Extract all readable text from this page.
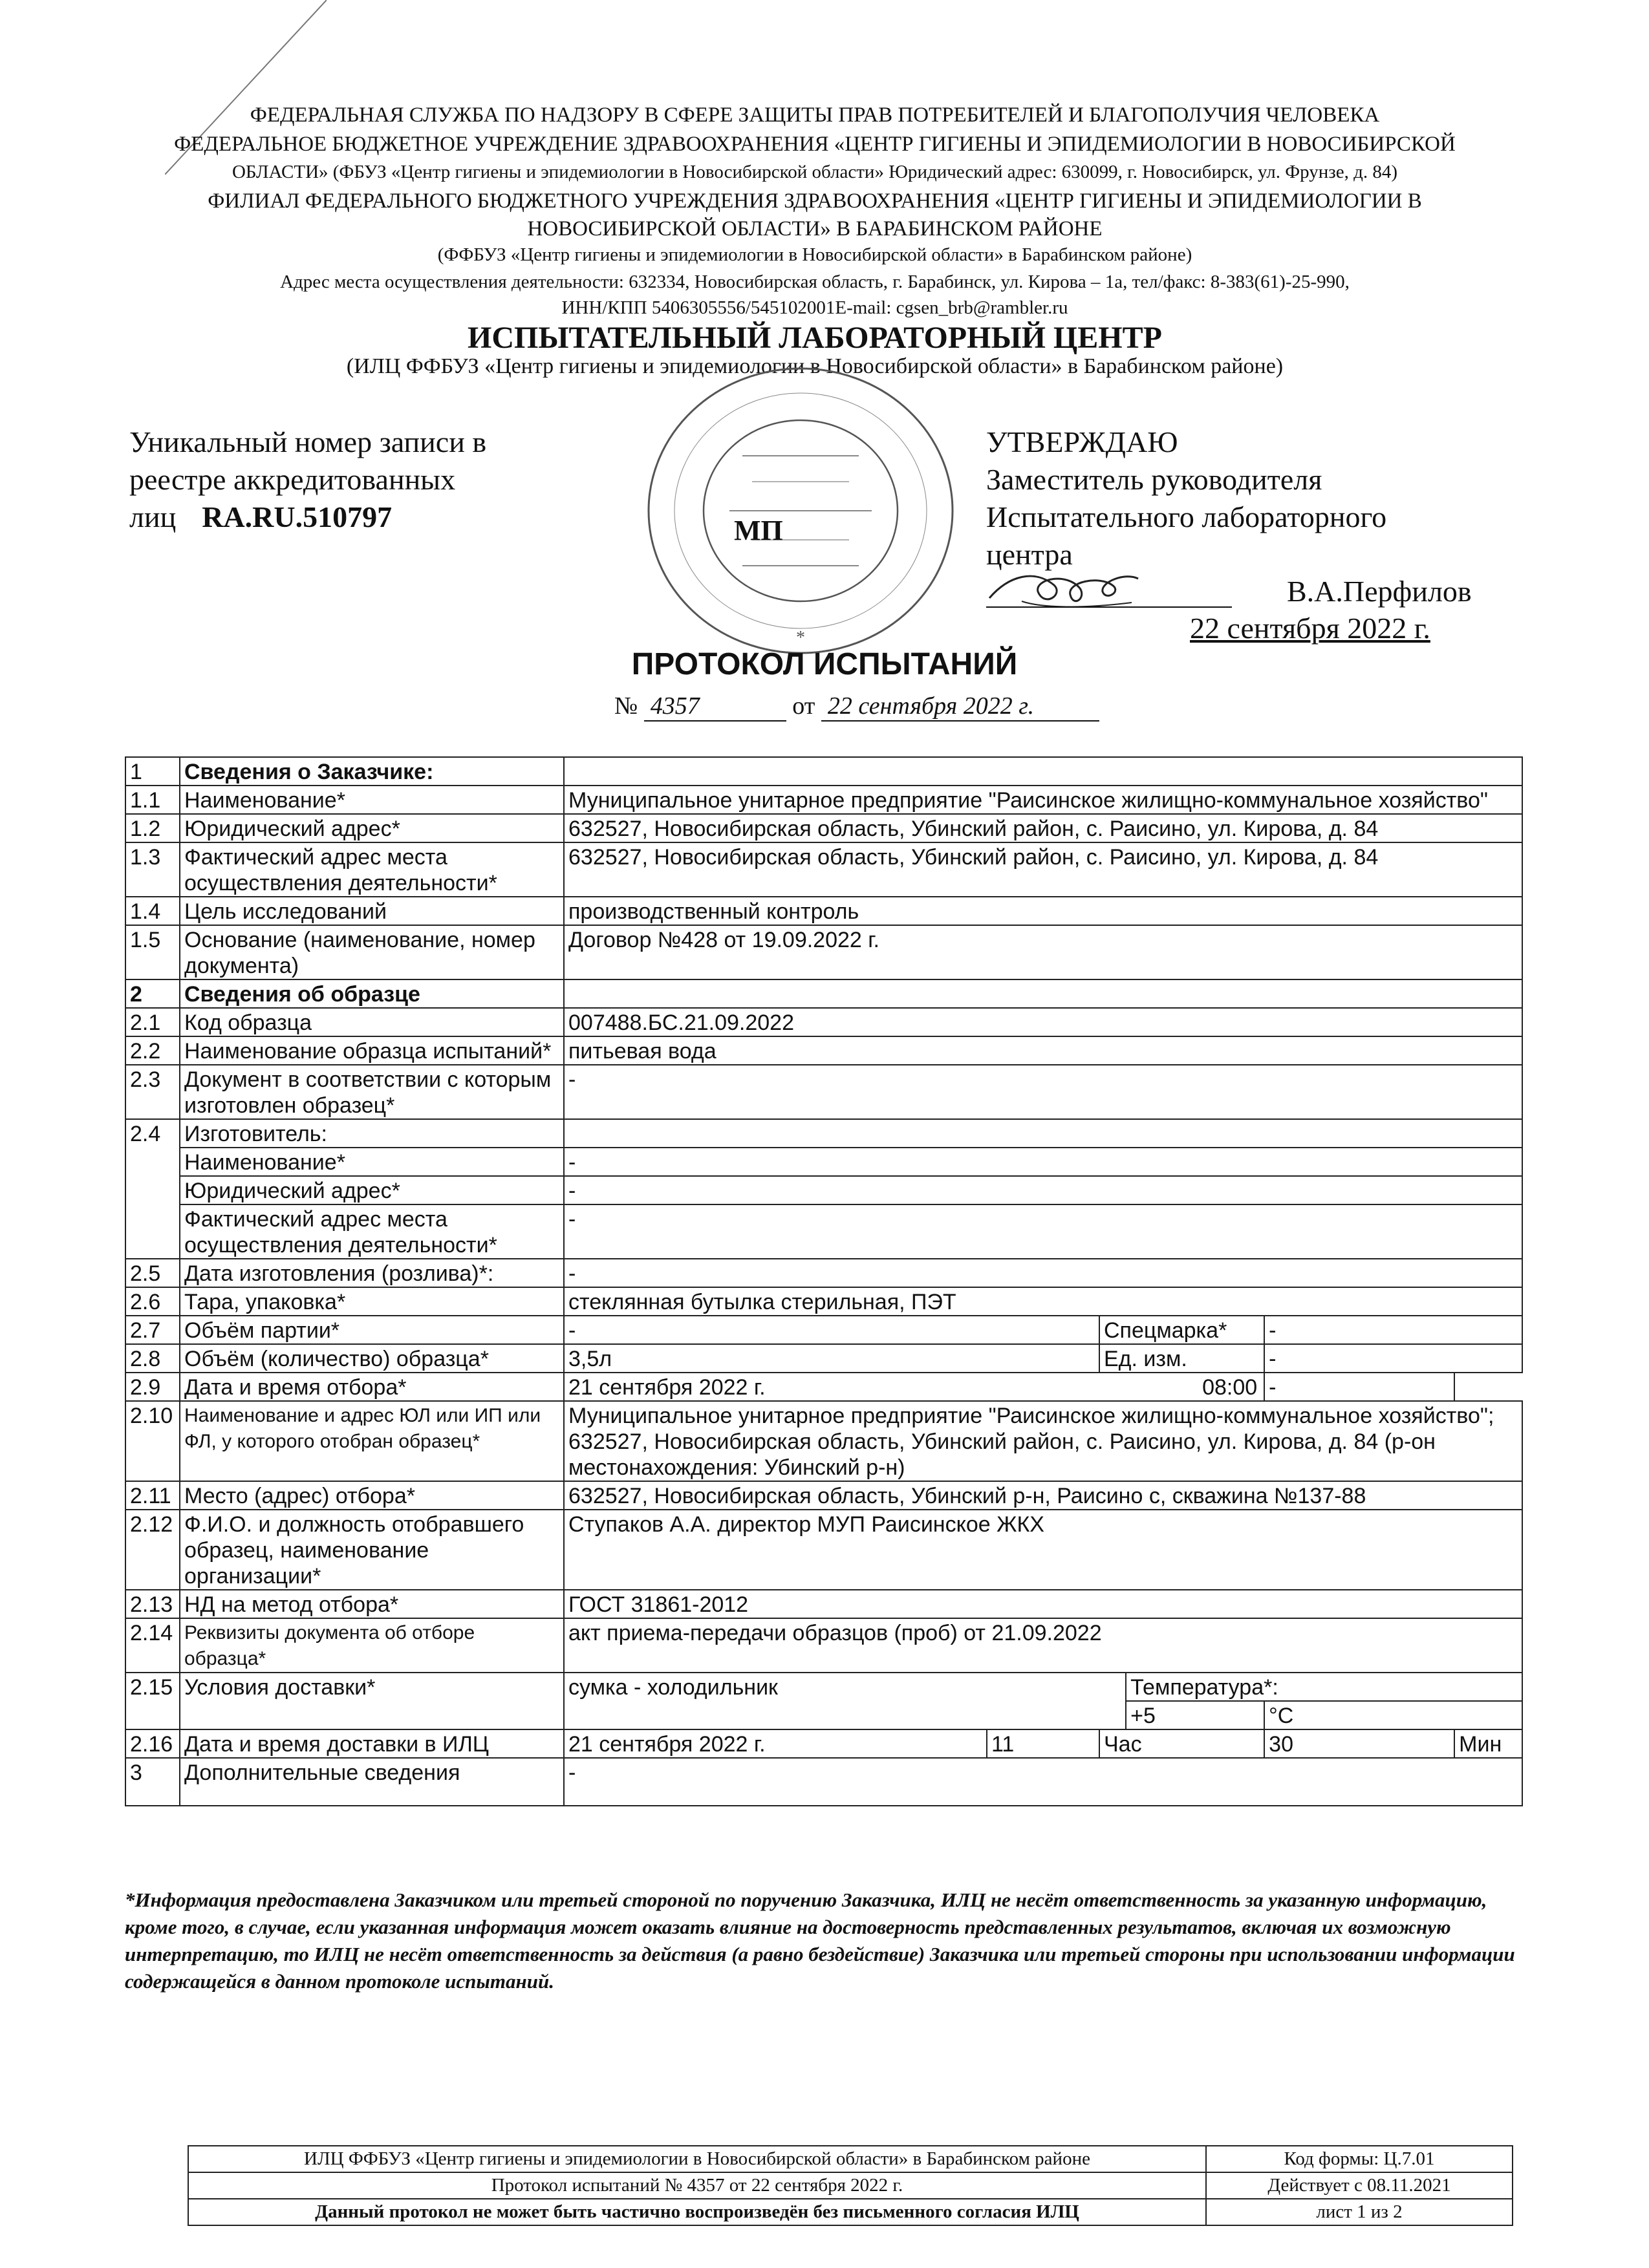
ФЕДЕРАЛЬНАЯ СЛУЖБА ПО НАДЗОРУ В СФЕРЕ ЗАЩИТЫ ПРАВ ПОТРЕБИТЕЛЕЙ И БЛАГОПОЛУЧИЯ ЧЕЛОВЕКА
ФЕДЕРАЛЬНОЕ БЮДЖЕТНОЕ УЧРЕЖДЕНИЕ ЗДРАВООХРАНЕНИЯ «ЦЕНТР ГИГИЕНЫ И ЭПИДЕМИОЛОГИИ В НОВОСИБИРСКОЙ
ОБЛАСТИ» (ФБУЗ «Центр гигиены и эпидемиологии в Новосибирской области» Юридический адрес: 630099, г. Новосибирск, ул. Фрунзе, д. 84)
ФИЛИАЛ ФЕДЕРАЛЬНОГО БЮДЖЕТНОГО УЧРЕЖДЕНИЯ ЗДРАВООХРАНЕНИЯ «ЦЕНТР ГИГИЕНЫ И ЭПИДЕМИОЛОГИИ В
НОВОСИБИРСКОЙ ОБЛАСТИ» В БАРАБИНСКОМ РАЙОНЕ
(ФФБУЗ «Центр гигиены и эпидемиологии в Новосибирской области» в Барабинском районе)
Адрес места осуществления деятельности: 632334, Новосибирская область, г. Барабинск, ул. Кирова – 1а, тел/факс: 8-383(61)-25-990,
ИНН/КПП 5406305556/545102001E-mail: cgsen_brb@rambler.ru
ИСПЫТАТЕЛЬНЫЙ ЛАБОРАТОРНЫЙ ЦЕНТР
(ИЛЦ ФФБУЗ «Центр гигиены и эпидемиологии в Новосибирской области» в Барабинском районе)
Уникальный номер записи в
реестре аккредитованных
лиц RA.RU.510797
*
МП
УТВЕРЖДАЮ
Заместитель руководителя
Испытательного лабораторного
центра
В.А.Перфилов
22 сентября 2022 г.
ПРОТОКОЛ ИСПЫТАНИЙ
№ 4357	от 22 сентября 2022 г.
1	Сведения о Заказчике:						
1.1	Наименование*	Муниципальное унитарное предприятие "Раисинское жилищно-коммунальное хозяйство"					
1.2	Юридический адрес*	632527, Новосибирская область, Убинский район, с. Раисино, ул. Кирова, д. 84					
1.3	Фактический адрес места осуществления деятельности*	632527, Новосибирская область, Убинский район, с. Раисино, ул. Кирова, д. 84					
1.4	Цель исследований	производственный контроль					
1.5	Основание (наименование, номер документа)	Договор №428 от 19.09.2022 г.					
2	Сведения об образце						
2.1	Код образца	007488.БС.21.09.2022					
2.2	Наименование образца испытаний*	питьевая вода					
2.3	Документ в соответствии с которым изготовлен образец*	-					
2.4	Изготовитель:						
	Наименование*	-					
	Юридический адрес*	-					
	Фактический адрес места осуществления деятельности*	-					
2.5	Дата изготовления (розлива)*:	-					
2.6	Тара, упаковка*	стеклянная бутылка стерильная, ПЭТ					
2.7	Объём партии*	-		Спецмарка*		-	
2.8	Объём (количество) образца*	3,5л		Ед. изм.		-	
2.9	Дата и время отбора*	21 сентября 2022 г. 08:00				-	
2.10	Наименование и адрес ЮЛ или ИП или ФЛ, у которого отобран образец*	Муниципальное унитарное предприятие "Раисинское жилищно-коммунальное хозяйство"; 632527, Новосибирская область, Убинский район, с. Раисино, ул. Кирова, д. 84 (р-он местонахождения: Убинский р-н)					
2.11	Место (адрес) отбора*	632527, Новосибирская область, Убинский р-н, Раисино с, скважина №137-88					
2.12	Ф.И.О. и должность отобравшего образец, наименование организации*	Ступаков А.А. директор МУП Раисинское ЖКХ					
2.13	НД на метод отбора*	ГОСТ 31861-2012					
2.14	Реквизиты документа об отборе образца*	акт приема-передачи образцов (проб) от 21.09.2022					
2.15	Условия доставки*	сумка - холодильник			Температура*:		
					+5	°C	
2.16	Дата и время доставки в ИЛЦ	21 сентября 2022 г.	11	Час		30	Мин
3	Дополнительные сведения	-					
*Информация предоставлена Заказчиком или третьей стороной по поручению Заказчика, ИЛЦ не несёт ответственность за указанную информацию, кроме того, в случае, если указанная информация может оказать влияние на достоверность представленных результатов, включая их возможную интерпретацию, то ИЛЦ не несёт ответственность за действия (а равно бездействие) Заказчика или третьей стороны при использовании информации содержащейся в данном протоколе испытаний.
ИЛЦ ФФБУЗ «Центр гигиены и эпидемиологии в Новосибирской области» в Барабинском районе	Код формы: Ц.7.01
Протокол испытаний № 4357 от 22 сентября 2022 г.	Действует с 08.11.2021
Данный протокол не может быть частично воспроизведён без письменного согласия ИЛЦ	лист 1 из 2
